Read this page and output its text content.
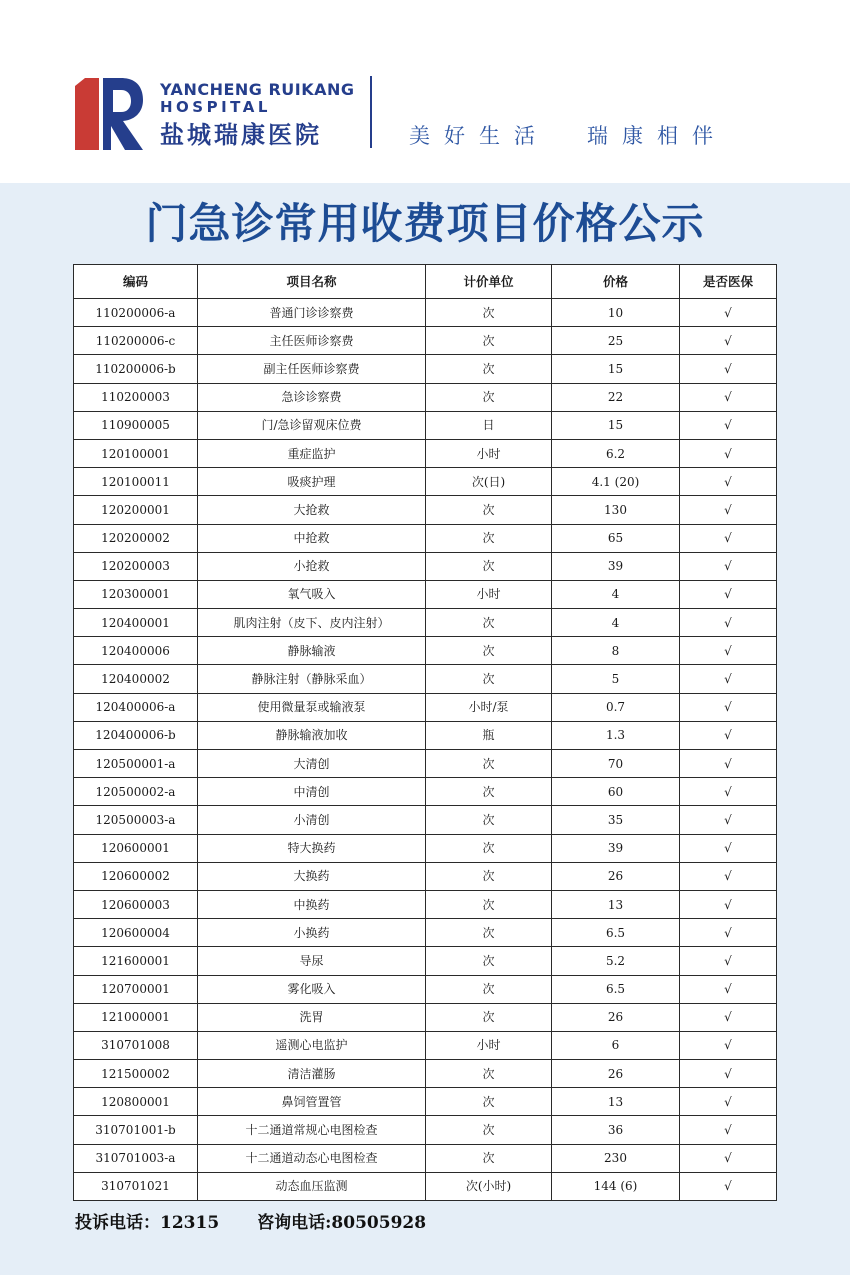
YANCHENG RUIKANG
HOSPITAL
盐城瑞康医院	美好生活 瑞康相伴
门急诊常用收费项目价格公示
编码	项目名称	计价单位	价格	是否医保
110200006-a	普通门诊诊察费	次	10	√
110200006-c	主任医师诊察费	次	25	√
110200006-b	副主任医师诊察费	次	15	√
110200003	急诊诊察费	次	22	√
110900005	门/急诊留观床位费	日	15	√
120100001	重症监护	小时	6.2	√
120100011	吸痰护理	次(日)	4.1 (20)	√
120200001	大抢救	次	130	√
120200002	中抢救	次	65	√
120200003	小抢救	次	39	√
120300001	氧气吸入	小时	4	√
120400001	肌肉注射（皮下、皮内注射）	次	4	√
120400006	静脉输液	次	8	√
120400002	静脉注射（静脉采血）	次	5	√
120400006-a	使用微量泵或输液泵	小时/泵	0.7	√
120400006-b	静脉输液加收	瓶	1.3	√
120500001-a	大清创	次	70	√
120500002-a	中清创	次	60	√
120500003-a	小清创	次	35	√
120600001	特大换药	次	39	√
120600002	大换药	次	26	√
120600003	中换药	次	13	√
120600004	小换药	次	6.5	√
121600001	导尿	次	5.2	√
120700001	雾化吸入	次	6.5	√
121000001	洗胃	次	26	√
310701008	遥测心电监护	小时	6	√
121500002	清洁灌肠	次	26	√
120800001	鼻饲管置管	次	13	√
310701001-b	十二通道常规心电图检查	次	36	√
310701003-a	十二通道动态心电图检查	次	230	√
310701021	动态血压监测	次(小时)	144 (6)	√
投诉电话：12315 咨询电话:80505928
